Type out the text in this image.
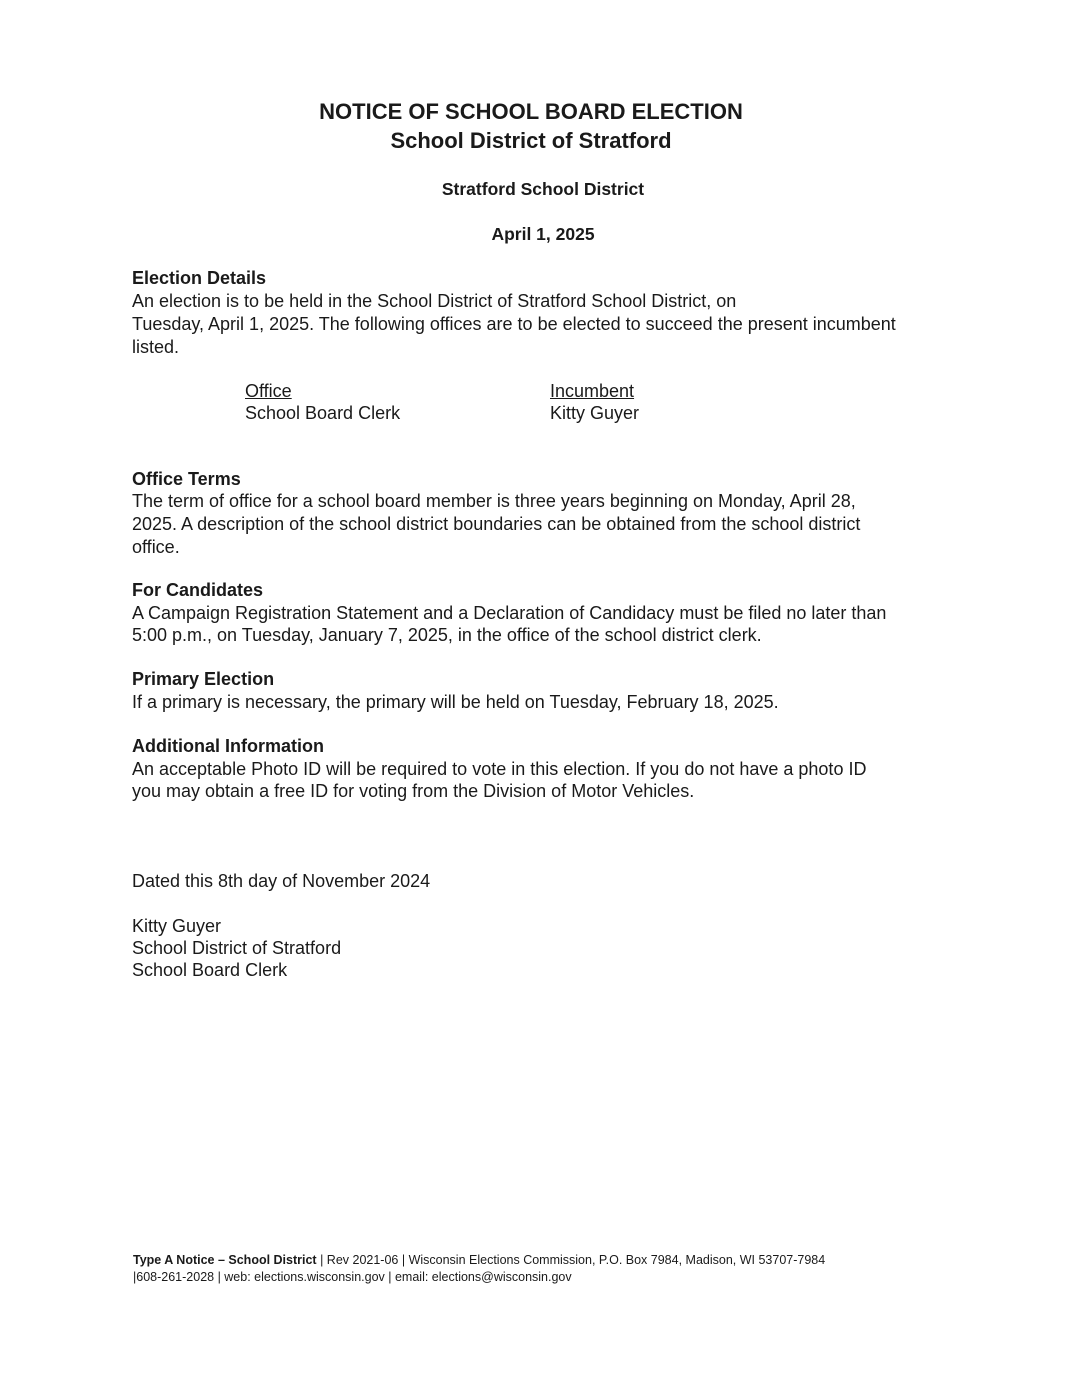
NOTICE OF SCHOOL BOARD ELECTION
School District of Stratford
Stratford School District
April 1, 2025
Election Details
An election is to be held in the School District of Stratford School District, on
Tuesday, April 1, 2025. The following offices are to be elected to succeed the present incumbent
listed.
Office	Incumbent
School Board Clerk	Kitty Guyer
Office Terms
The term of office for a school board member is three years beginning on Monday, April 28,
2025. A description of the school district boundaries can be obtained from the school district
office.
For Candidates
A Campaign Registration Statement and a Declaration of Candidacy must be filed no later than
5:00 p.m., on Tuesday, January 7, 2025, in the office of the school district clerk.
Primary Election
If a primary is necessary, the primary will be held on Tuesday, February 18, 2025.
Additional Information
An acceptable Photo ID will be required to vote in this election. If you do not have a photo ID
you may obtain a free ID for voting from the Division of Motor Vehicles.
Dated this 8th day of November 2024
Kitty Guyer
School District of Stratford
School Board Clerk
Type A Notice – School District | Rev 2021-06 | Wisconsin Elections Commission, P.O. Box 7984, Madison, WI 53707-7984
|608-261-2028 | web: elections.wisconsin.gov | email: elections@wisconsin.gov
